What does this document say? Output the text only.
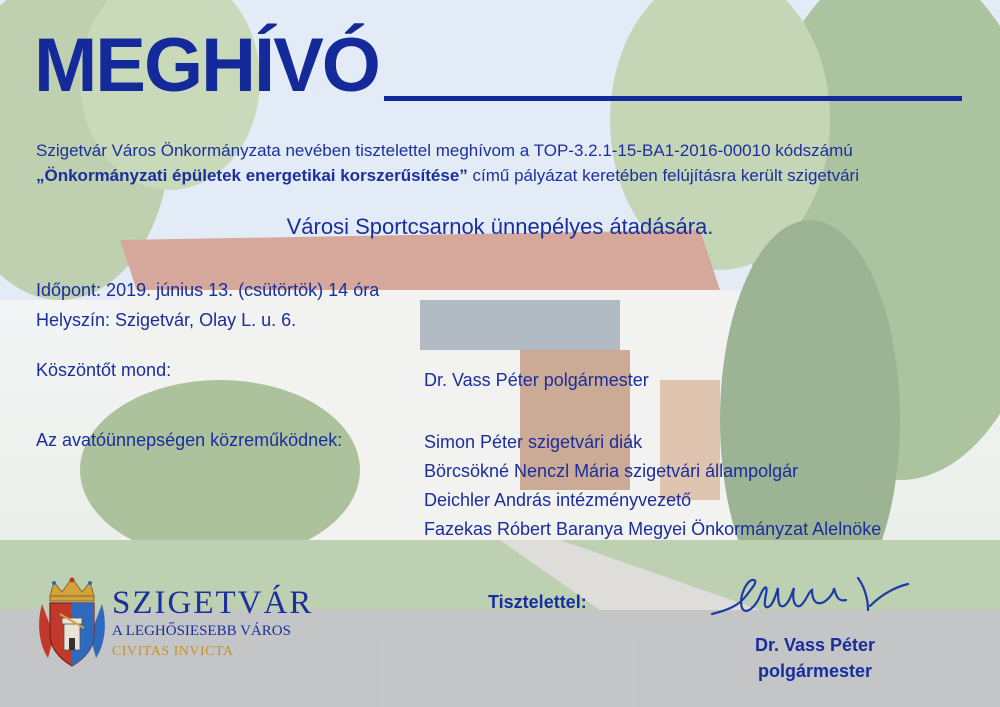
MEGHÍVÓ
Szigetvár Város Önkormányzata nevében tisztelettel meghívom a TOP-3.2.1-15-BA1-2016-00010 kódszámú
„Önkormányzati épületek energetikai korszerűsítése” című pályázat keretében felújításra került szigetvári
Városi Sportcsarnok ünnepélyes átadására.
Időpont: 2019. június 13. (csütörtök) 14 óra
Helyszín: Szigetvár, Olay L. u. 6.
Köszöntőt mond:	Dr. Vass Péter polgármester
Az avatóünnepségen közreműködnek:	Simon Péter szigetvári diák
Börcsökné Nenczl Mária szigetvári állampolgár
Deichler András intézményvezető
Fazekas Róbert Baranya Megyei Önkormányzat Alelnöke
SZIGETVÁR
A LEGHŐSIESEBB VÁROS
CIVITAS INVICTA
Tisztelettel:
Dr. Vass Péter
polgármester
